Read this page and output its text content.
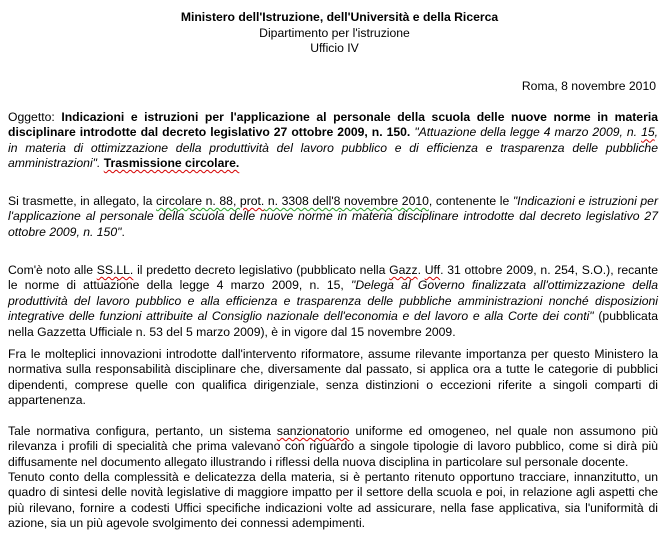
Ministero dell'Istruzione, dell'Università e della Ricerca
Dipartimento per l'istruzione
Ufficio IV
Roma, 8 novembre 2010
Oggetto: Indicazioni e istruzioni per l'applicazione al personale della scuola delle nuove norme in materia disciplinare introdotte dal decreto legislativo 27 ottobre 2009, n. 150. "Attuazione della legge 4 marzo 2009, n. 15, in materia di ottimizzazione della produttività del lavoro pubblico e di efficienza e trasparenza delle pubbliche amministrazioni". Trasmissione circolare.
Si trasmette, in allegato, la circolare n. 88, prot. n. 3308 dell'8 novembre 2010, contenente le "Indicazioni e istruzioni per l'applicazione al personale della scuola delle nuove norme in materia disciplinare introdotte dal decreto legislativo 27 ottobre 2009, n. 150".
Com'è noto alle SS.LL. il predetto decreto legislativo (pubblicato nella Gazz. Uff. 31 ottobre 2009, n. 254, S.O.), recante le norme di attuazione della legge 4 marzo 2009, n. 15, "Delega al Governo finalizzata all'ottimizzazione della produttività del lavoro pubblico e alla efficienza e trasparenza delle pubbliche amministrazioni nonché disposizioni integrative delle funzioni attribuite al Consiglio nazionale dell'economia e del lavoro e alla Corte dei conti" (pubblicata nella Gazzetta Ufficiale n. 53 del 5 marzo 2009), è in vigore dal 15 novembre 2009.
Fra le molteplici innovazioni introdotte dall'intervento riformatore, assume rilevante importanza per questo Ministero la normativa sulla responsabilità disciplinare che, diversamente dal passato, si applica ora a tutte le categorie di pubblici dipendenti, comprese quelle con qualifica dirigenziale, senza distinzioni o eccezioni riferite a singoli comparti di appartenenza.
Tale normativa configura, pertanto, un sistema sanzionatorio uniforme ed omogeneo, nel quale non assumono più rilevanza i profili di specialità che prima valevano con riguardo a singole tipologie di lavoro pubblico, come si dirà più diffusamente nel documento allegato illustrando i riflessi della nuova disciplina in particolare sul personale docente.
Tenuto conto della complessità e delicatezza della materia, si è pertanto ritenuto opportuno tracciare, innanzitutto, un quadro di sintesi delle novità legislative di maggiore impatto per il settore della scuola e poi, in relazione agli aspetti che più rilevano, fornire a codesti Uffici specifiche indicazioni volte ad assicurare, nella fase applicativa, sia l'uniformità di azione, sia un più agevole svolgimento dei connessi adempimenti.
